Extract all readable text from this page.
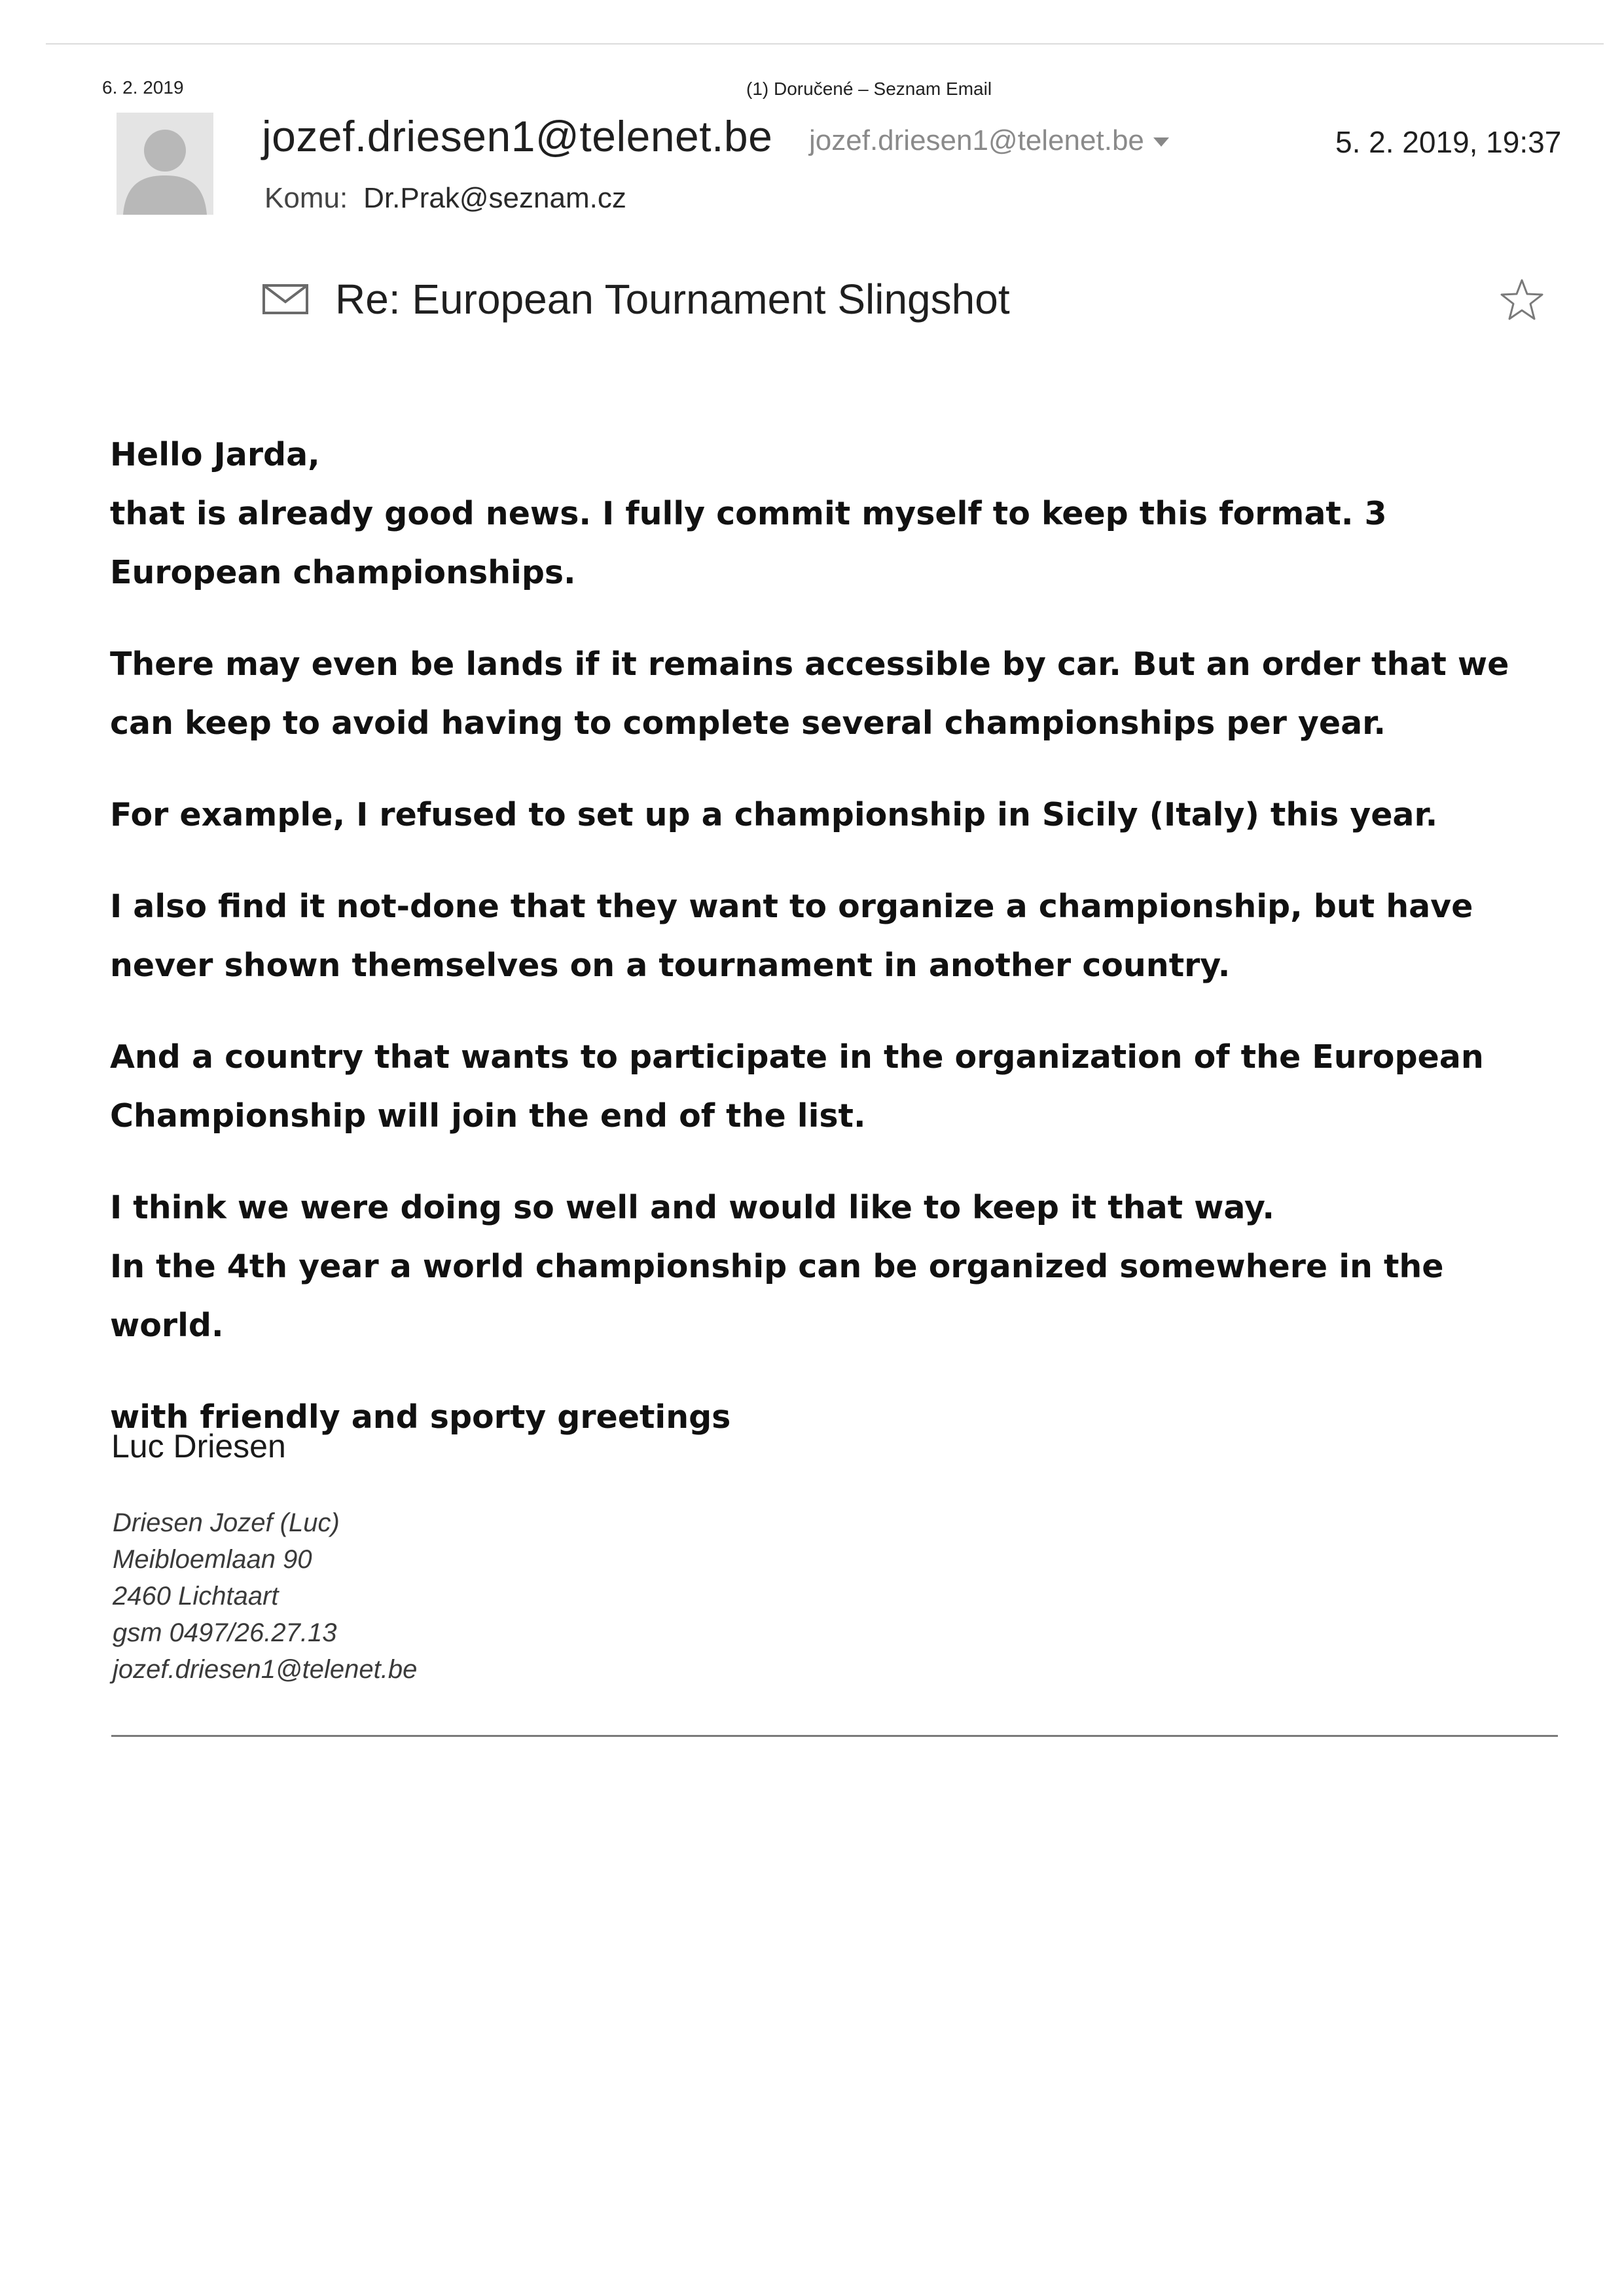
6. 2. 2019	(1) Doručené – Seznam Email
jozef.driesen1@telenet.be jozef.driesen1@telenet.be	5. 2. 2019, 19:37
Komu: Dr.Prak@seznam.cz
Re: European Tournament Slingshot

Hello Jarda,

that is already good news. I fully commit myself to keep this format. 3 European championships.

There may even be lands if it remains accessible by car. But an order that we can keep to avoid having to complete several championships per year.

For example, I refused to set up a championship in Sicily (Italy) this year.

I also find it not-done that they want to organize a championship, but have never shown themselves on a tournament in another country.

And a country that wants to participate in the organization of the European Championship will join the end of the list.

I think we were doing so well and would like to keep it that way.

In the 4th year a world championship can be organized somewhere in the world.

with friendly and sporty greetings

Luc Driesen
Driesen Jozef (Luc)
Meibloemlaan 90
2460 Lichtaart
gsm 0497/26.27.13
jozef.driesen1@telenet.be
